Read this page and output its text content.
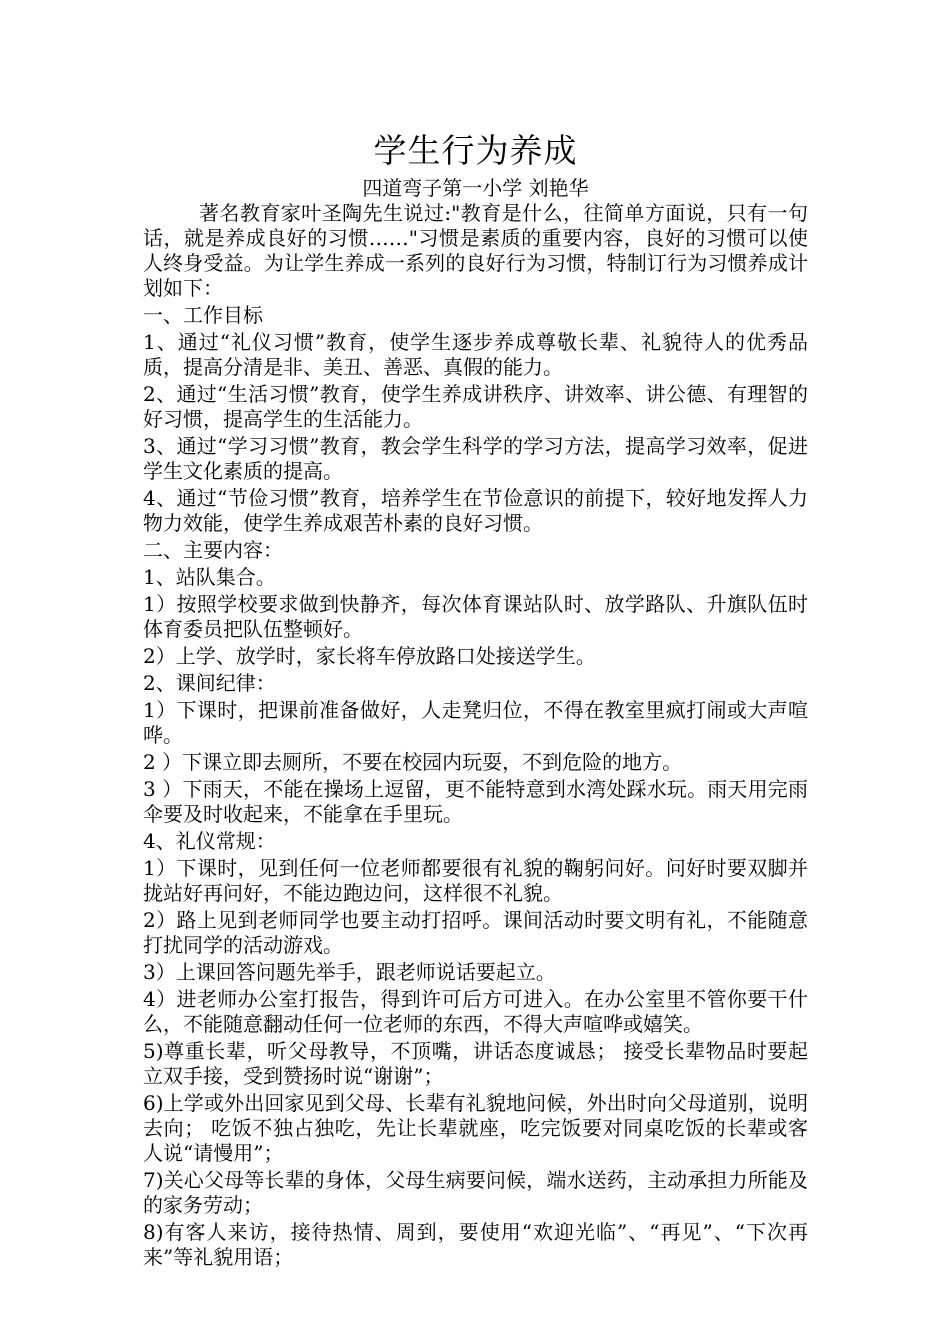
学生行为养成

四道弯子第一小学 刘艳华

著名教育家叶圣陶先生说过:"教育是什么，往简单方面说，只有一句话，就是养成良好的习惯……"习惯是素质的重要内容，良好的习惯可以使人终身受益。为让学生养成一系列的良好行为习惯，特制订行为习惯养成计划如下：

一、工作目标

1、通过“礼仪习惯”教育，使学生逐步养成尊敬长辈、礼貌待人的优秀品质，提高分清是非、美丑、善恶、真假的能力。

2、通过“生活习惯”教育，使学生养成讲秩序、讲效率、讲公德、有理智的好习惯，提高学生的生活能力。

3、通过“学习习惯”教育，教会学生科学的学习方法，提高学习效率，促进学生文化素质的提高。

4、通过“节俭习惯”教育，培养学生在节俭意识的前提下，较好地发挥人力物力效能，使学生养成艰苦朴素的良好习惯。

二、主要内容：

1、站队集合。

1）按照学校要求做到快静齐，每次体育课站队时、放学路队、升旗队伍时体育委员把队伍整顿好。

2）上学、放学时，家长将车停放路口处接送学生。

2、课间纪律：

1）下课时，把课前准备做好，人走凳归位，不得在教室里疯打闹或大声喧哗。

2 ）下课立即去厕所，不要在校园内玩耍，不到危险的地方。

3 ）下雨天，不能在操场上逗留，更不能特意到水湾处踩水玩。雨天用完雨伞要及时收起来，不能拿在手里玩。

4、礼仪常规：

1）下课时，见到任何一位老师都要很有礼貌的鞠躬问好。问好时要双脚并拢站好再问好，不能边跑边问，这样很不礼貌。

2）路上见到老师同学也要主动打招呼。课间活动时要文明有礼，不能随意打扰同学的活动游戏。

3）上课回答问题先举手，跟老师说话要起立。

4）进老师办公室打报告，得到许可后方可进入。在办公室里不管你要干什么，不能随意翻动任何一位老师的东西，不得大声喧哗或嬉笑。

5)尊重长辈，听父母教导，不顶嘴，讲话态度诚恳； 接受长辈物品时要起立双手接，受到赞扬时说“谢谢”；

6)上学或外出回家见到父母、长辈有礼貌地问候，外出时向父母道别，说明去向； 吃饭不独占独吃，先让长辈就座，吃完饭要对同桌吃饭的长辈或客人说“请慢用”；

7)关心父母等长辈的身体，父母生病要问候，端水送药，主动承担力所能及的家务劳动；

8)有客人来访，接待热情、周到，要使用“欢迎光临”、“再见”、“下次再来”等礼貌用语；
